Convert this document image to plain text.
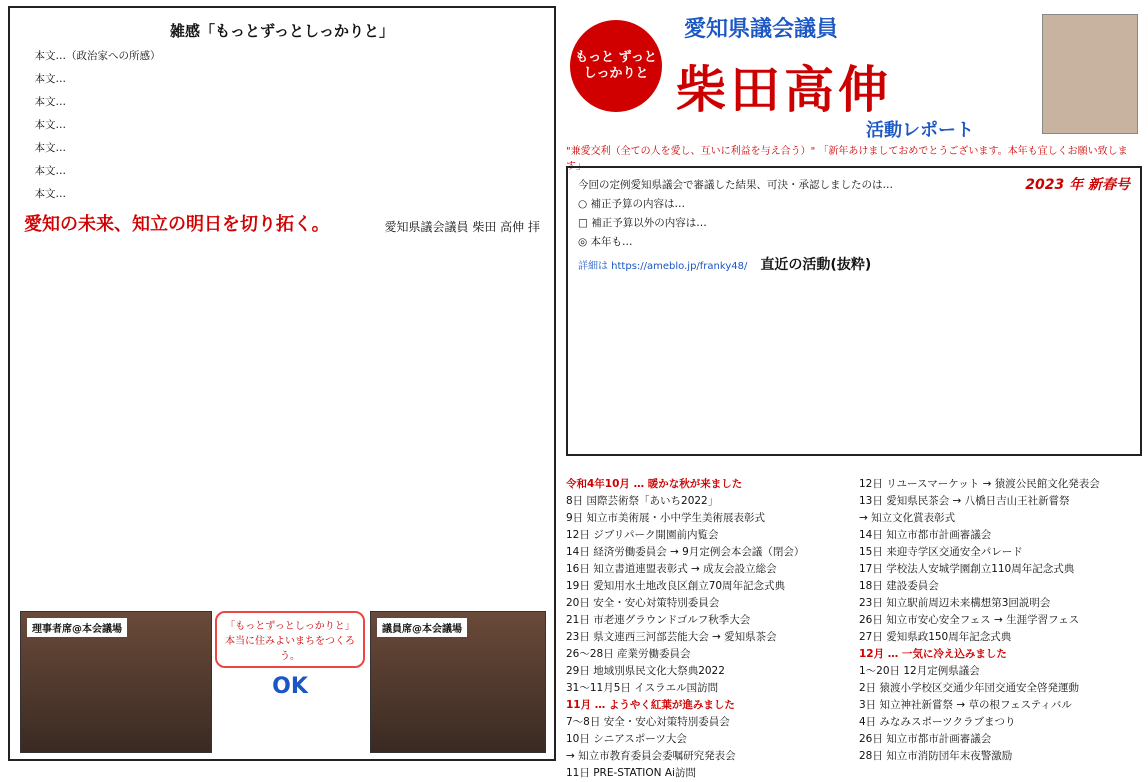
雑感「もっとずっとしっかりと」

本文…（政治家への所感）

本文…

本文…

本文…

本文…

本文…

本文…

愛知の未来、知立の明日を切り拓く。	愛知県議会議員 柴田 高伸 拝
理事者席@本会議場	「もっとずっとしっかりと」本当に住みよいまちをつくろう。
OK
議員席@本会議場
もっと ずっと しっかりと
愛知県議会議員
柴田高伸
活動レポート
"兼愛交利（全ての人を愛し、互いに利益を与え合う）" 「新年あけましておめでとうございます。本年も宜しくお願い致します」
2023 年 新春号

今回の定例愛知県議会で審議した結果、可決・承認しましたのは…

○ 補正予算の内容は…

□ 補正予算以外の内容は…

◎ 本年も…

詳細は https://ameblo.jp/franky48/ 直近の活動(抜粋)
令和4年10月 … 暖かな秋が来ました
8日 国際芸術祭「あいち2022」
9日 知立市美術展・小中学生美術展表彰式
12日 ジブリパーク開園前内覧会
14日 経済労働委員会 → 9月定例会本会議（閉会）
16日 知立書道連盟表彰式 → 成友会設立総会
19日 愛知用水土地改良区創立70周年記念式典
20日 安全・安心対策特別委員会
21日 市老連グラウンドゴルフ秋季大会
23日 県文連西三河部芸能大会 → 愛知県茶会
26～28日 産業労働委員会
29日 地域別県民文化大祭典2022
31～11月5日 イスラエル国訪問
11月 … ようやく紅葉が進みました
7～8日 安全・安心対策特別委員会
10日 シニアスポーツ大会
→ 知立市教育委員会委嘱研究発表会
11日 PRE-STATION Ai訪問
12日 リユースマーケット → 猿渡公民館文化発表会
13日 愛知県民茶会 → 八橋日吉山王社新嘗祭
→ 知立文化賞表彰式
14日 知立市都市計画審議会
15日 来迎寺学区交通安全パレード
17日 学校法人安城学園創立110周年記念式典
18日 建設委員会
23日 知立駅前周辺未来構想第3回説明会
26日 知立市安心安全フェス → 生涯学習フェス
27日 愛知県政150周年記念式典
12月 … 一気に冷え込みました
1～20日 12月定例県議会
2日 猿渡小学校区交通少年団交通安全啓発運動
3日 知立神社新嘗祭 → 草の根フェスティバル
4日 みなみスポーツクラブまつり
26日 知立市都市計画審議会
28日 知立市消防団年末夜警激励
